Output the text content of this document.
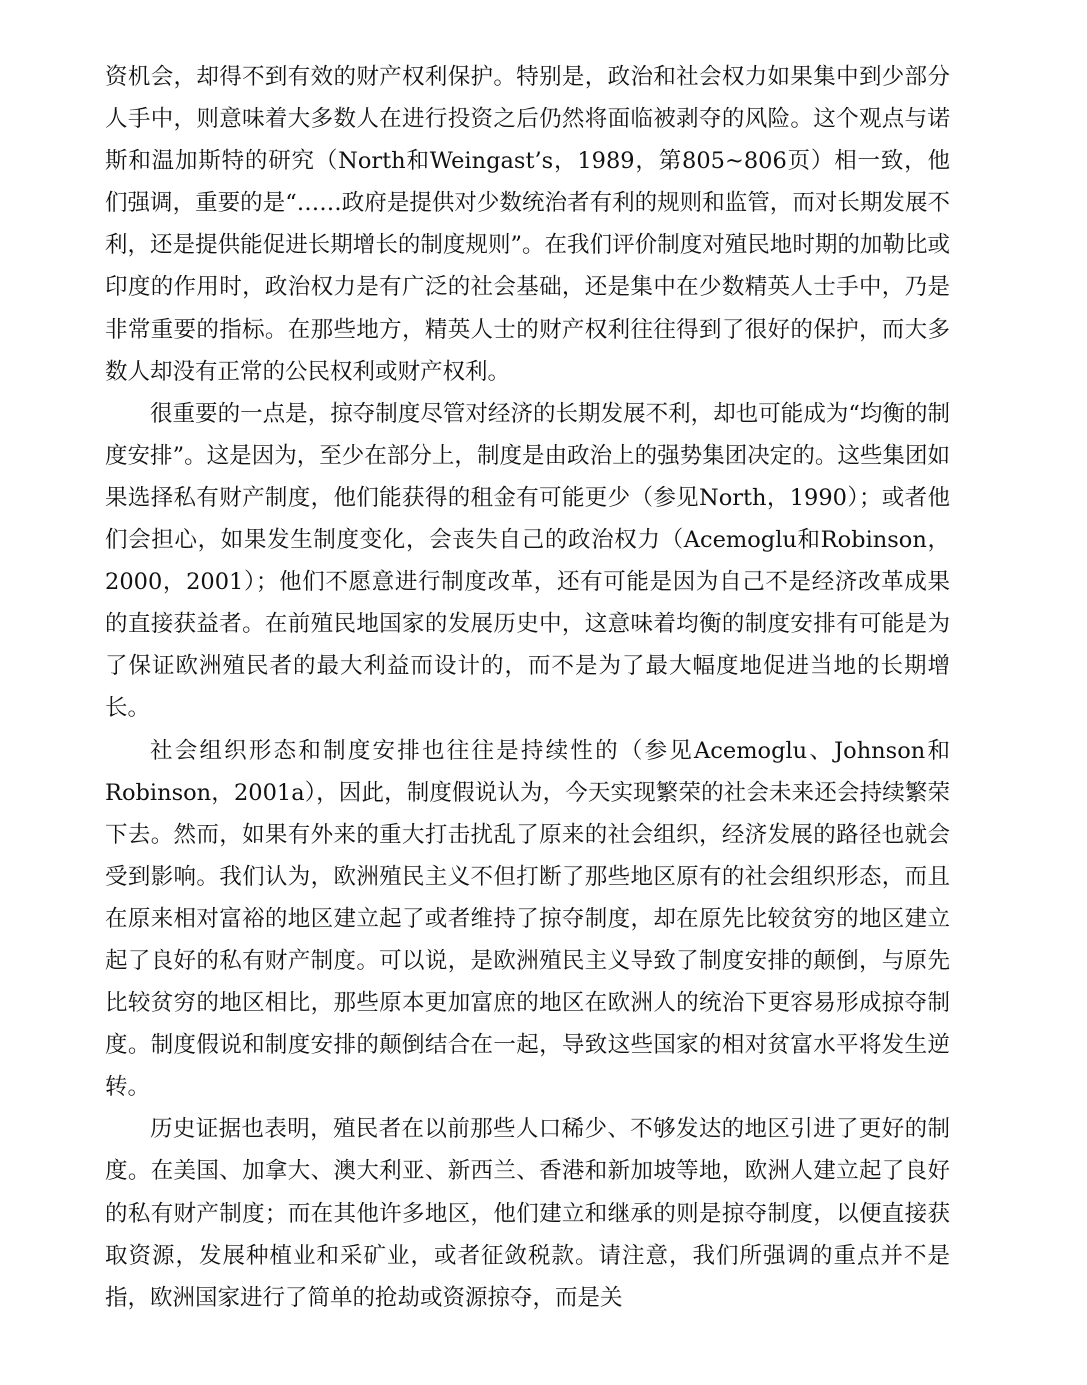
资机会，却得不到有效的财产权利保护。特别是，政治和社会权力如果集中到少部分人手中，则意味着大多数人在进行投资之后仍然将面临被剥夺的风险。这个观点与诺斯和温加斯特的研究（North和Weingast’s，1989，第805~806页）相一致，他们强调，重要的是“……政府是提供对少数统治者有利的规则和监管，而对长期发展不利，还是提供能促进长期增长的制度规则”。在我们评价制度对殖民地时期的加勒比或印度的作用时，政治权力是有广泛的社会基础，还是集中在少数精英人士手中，乃是非常重要的指标。在那些地方，精英人士的财产权利往往得到了很好的保护，而大多数人却没有正常的公民权利或财产权利。

很重要的一点是，掠夺制度尽管对经济的长期发展不利，却也可能成为“均衡的制度安排”。这是因为，至少在部分上，制度是由政治上的强势集团决定的。这些集团如果选择私有财产制度，他们能获得的租金有可能更少（参见North，1990）；或者他们会担心，如果发生制度变化，会丧失自己的政治权力（Acemoglu和Robinson，2000，2001）；他们不愿意进行制度改革，还有可能是因为自己不是经济改革成果的直接获益者。在前殖民地国家的发展历史中，这意味着均衡的制度安排有可能是为了保证欧洲殖民者的最大利益而设计的，而不是为了最大幅度地促进当地的长期增长。

社会组织形态和制度安排也往往是持续性的（参见Acemoglu、Johnson和Robinson，2001a），因此，制度假说认为，今天实现繁荣的社会未来还会持续繁荣下去。然而，如果有外来的重大打击扰乱了原来的社会组织，经济发展的路径也就会受到影响。我们认为，欧洲殖民主义不但打断了那些地区原有的社会组织形态，而且在原来相对富裕的地区建立起了或者维持了掠夺制度，却在原先比较贫穷的地区建立起了良好的私有财产制度。可以说，是欧洲殖民主义导致了制度安排的颠倒，与原先比较贫穷的地区相比，那些原本更加富庶的地区在欧洲人的统治下更容易形成掠夺制度。制度假说和制度安排的颠倒结合在一起，导致这些国家的相对贫富水平将发生逆转。

历史证据也表明，殖民者在以前那些人口稀少、不够发达的地区引进了更好的制度。在美国、加拿大、澳大利亚、新西兰、香港和新加坡等地，欧洲人建立起了良好的私有财产制度；而在其他许多地区，他们建立和继承的则是掠夺制度，以便直接获取资源，发展种植业和采矿业，或者征敛税款。请注意，我们所强调的重点并不是指，欧洲国家进行了简单的抢劫或资源掠夺，而是关
